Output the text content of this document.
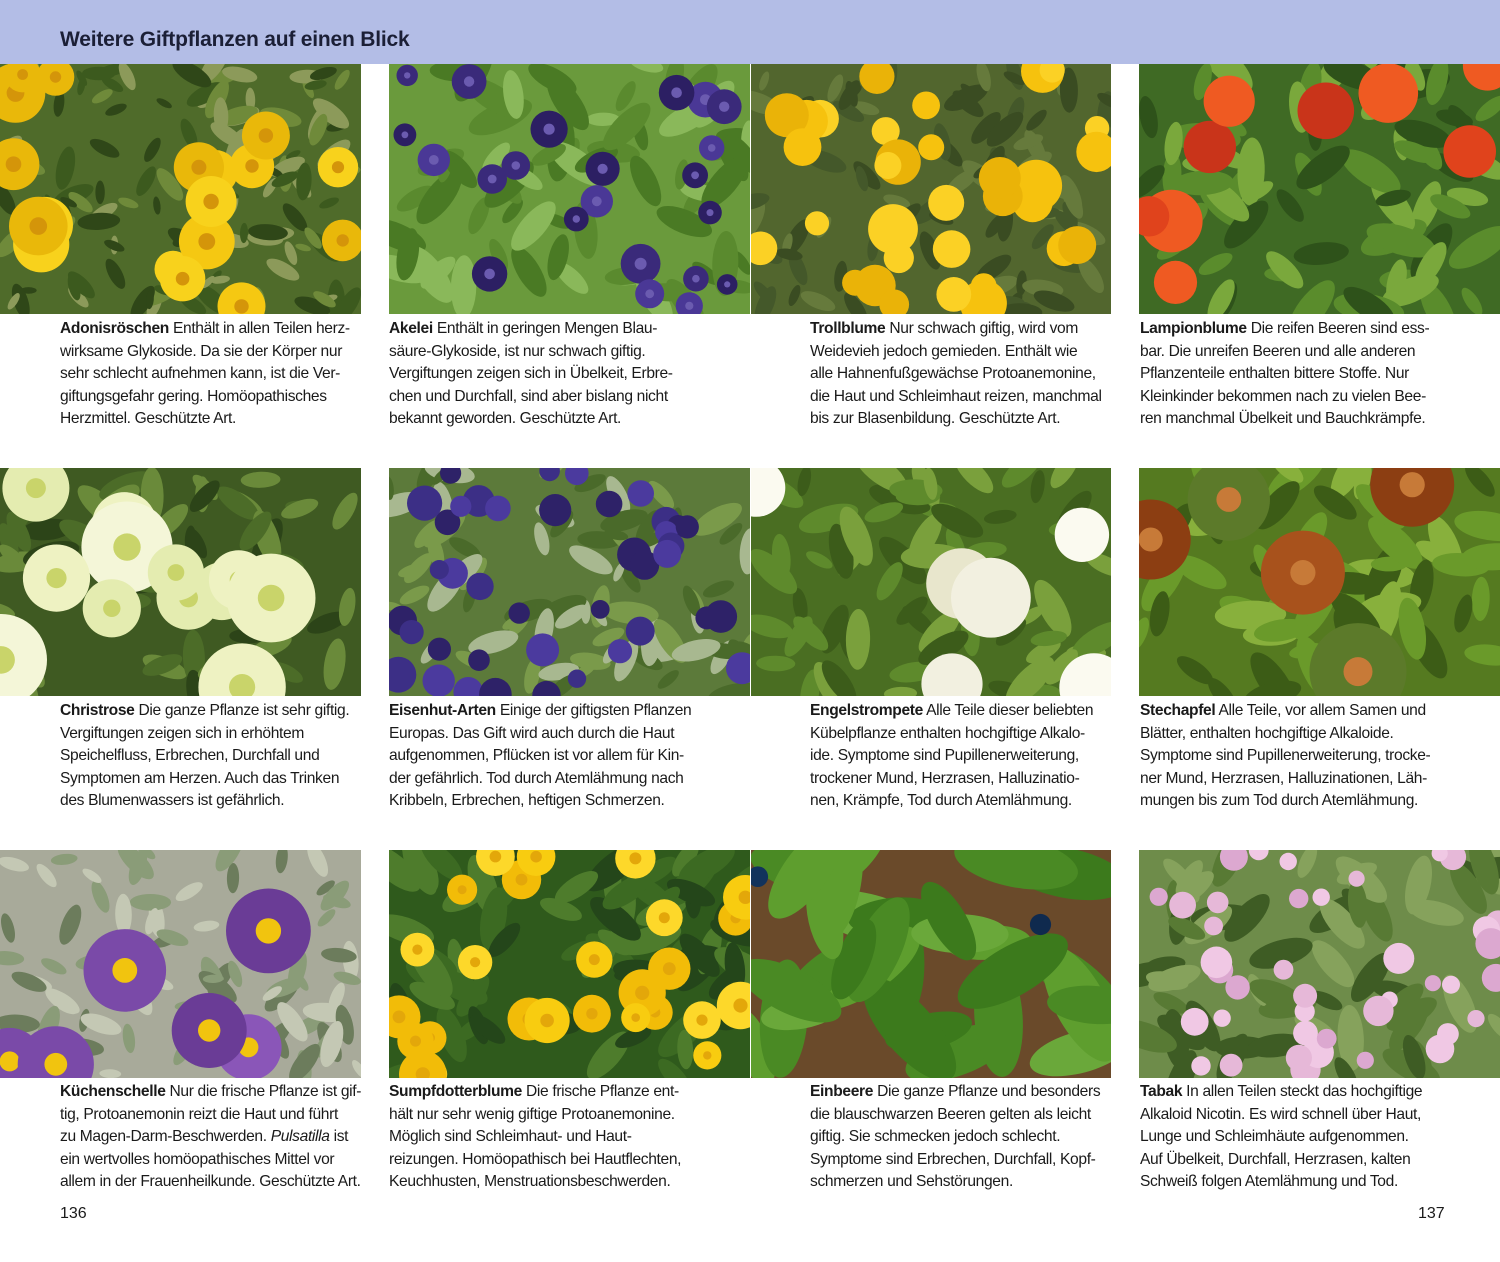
Weitere Giftpflanzen auf einen Blick
Adonisröschen Enthält in allen Teilen herz-
wirksame Glykoside. Da sie der Körper nur
sehr schlecht aufnehmen kann, ist die Ver-
giftungsgefahr gering. Homöopathisches
Herzmittel. Geschützte Art.
Akelei Enthält in geringen Mengen Blau-
säure-Glykoside, ist nur schwach giftig.
Vergiftungen zeigen sich in Übelkeit, Erbre-
chen und Durchfall, sind aber bislang nicht
bekannt geworden. Geschützte Art.
Trollblume Nur schwach giftig, wird vom
Weidevieh jedoch gemieden. Enthält wie
alle Hahnenfußgewächse Protoanemonine,
die Haut und Schleimhaut reizen, manchmal
bis zur Blasenbildung. Geschützte Art.
Lampionblume Die reifen Beeren sind ess-
bar. Die unreifen Beeren und alle anderen
Pflanzenteile enthalten bittere Stoffe. Nur
Kleinkinder bekommen nach zu vielen Bee-
ren manchmal Übelkeit und Bauchkrämpfe.
Christrose Die ganze Pflanze ist sehr giftig.
Vergiftungen zeigen sich in erhöhtem
Speichelfluss, Erbrechen, Durchfall und
Symptomen am Herzen. Auch das Trinken
des Blumenwassers ist gefährlich.
Eisenhut-Arten Einige der giftigsten Pflanzen
Europas. Das Gift wird auch durch die Haut
aufgenommen, Pflücken ist vor allem für Kin-
der gefährlich. Tod durch Atemlähmung nach
Kribbeln, Erbrechen, heftigen Schmerzen.
Engelstrompete Alle Teile dieser beliebten
Kübelpflanze enthalten hochgiftige Alkalo-
ide. Symptome sind Pupillenerweiterung,
trockener Mund, Herzrasen, Halluzinatio-
nen, Krämpfe, Tod durch Atemlähmung.
Stechapfel Alle Teile, vor allem Samen und
Blätter, enthalten hochgiftige Alkaloide.
Symptome sind Pupillenerweiterung, trocke-
ner Mund, Herzrasen, Halluzinationen, Läh-
mungen bis zum Tod durch Atemlähmung.
Küchenschelle Nur die frische Pflanze ist gif-
tig, Protoanemonin reizt die Haut und führt
zu Magen-Darm-Beschwerden. Pulsatilla ist
ein wertvolles homöopathisches Mittel vor
allem in der Frauenheilkunde. Geschützte Art.
Sumpfdotterblume Die frische Pflanze ent-
hält nur sehr wenig giftige Protoanemonine.
Möglich sind Schleimhaut- und Haut-
reizungen. Homöopathisch bei Hautflechten,
Keuchhusten, Menstruationsbeschwerden.
Einbeere Die ganze Pflanze und besonders
die blauschwarzen Beeren gelten als leicht
giftig. Sie schmecken jedoch schlecht.
Symptome sind Erbrechen, Durchfall, Kopf-
schmerzen und Sehstörungen.
Tabak In allen Teilen steckt das hochgiftige
Alkaloid Nicotin. Es wird schnell über Haut,
Lunge und Schleimhäute aufgenommen.
Auf Übelkeit, Durchfall, Herzrasen, kalten
Schweiß folgen Atemlähmung und Tod.
136	137
